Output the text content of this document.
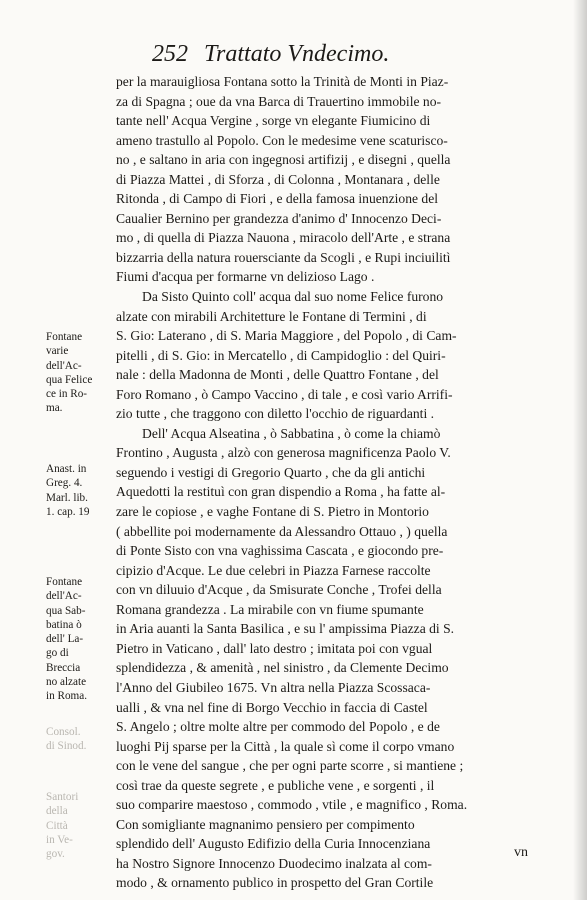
252 Trattato Vndecimo.
per la marauigliosa Fontana sotto la Trinità de Monti in Piaz-
za di Spagna ; oue da vna Barca di Trauertino immobile no-
tante nell' Acqua Vergine , sorge vn elegante Fiumicino di
ameno trastullo al Popolo. Con le medesime vene scaturisco-
no , e saltano in aria con ingegnosi artifizij , e disegni , quella
di Piazza Mattei , di Sforza , di Colonna , Montanara , delle
Ritonda , di Campo di Fiori , e della famosa inuenzione del
Caualier Bernino per grandezza d'animo d' Innocenzo Deci-
mo , di quella di Piazza Nauona , miracolo dell'Arte , e strana
bizzarria della natura rouersciante da Scogli , e Rupi inciuilitì
Fiumi d'acqua per formarne vn delizioso Lago .
Da Sisto Quinto coll' acqua dal suo nome Felice furono
alzate con mirabili Architetture le Fontane di Termini , di
S. Gio: Laterano , di S. Maria Maggiore , del Popolo , di Cam-
pitelli , di S. Gio: in Mercatello , di Campidoglio : del Quiri-
nale : della Madonna de Monti , delle Quattro Fontane , del
Foro Romano , ò Campo Vaccino , di tale , e così vario Arrifi-
zio tutte , che traggono con diletto l'occhio de riguardanti .
Dell' Acqua Alseatina , ò Sabbatina , ò come la chiamò
Frontino , Augusta , alzò con generosa magnificenza Paolo V.
seguendo i vestigi di Gregorio Quarto , che da gli antichi
Aquedotti la restituì con gran dispendio a Roma , ha fatte al-
zare le copiose , e vaghe Fontane di S. Pietro in Montorio
( abbellite poi modernamente da Alessandro Ottauo , ) quella
di Ponte Sisto con vna vaghissima Cascata , e giocondo pre-
cipizio d'Acque. Le due celebri in Piazza Farnese raccolte
con vn diluuio d'Acque , da Smisurate Conche , Trofei della
Romana grandezza . La mirabile con vn fiume spumante
in Aria auanti la Santa Basilica , e su l' ampissima Piazza di S.
Pietro in Vaticano , dall' lato destro ; imitata poi con vgual
splendidezza , & amenità , nel sinistro , da Clemente Decimo
l'Anno del Giubileo 1675. Vn altra nella Piazza Scossaca-
ualli , & vna nel fine di Borgo Vecchio in faccia di Castel
S. Angelo ; oltre molte altre per commodo del Popolo , e de
luoghi Pij sparse per la Città , la quale sì come il corpo vmano
con le vene del sangue , che per ogni parte scorre , si mantiene ;
così trae da queste segrete , e publiche vene , e sorgenti , il
suo comparire maestoso , commodo , vtile , e magnifico , Roma.
Con somigliante magnanimo pensiero per compimento
splendido dell' Augusto Edifizio della Curia Innocenziana
ha Nostro Signore Innocenzo Duodecimo inalzata al com-
modo , & ornamento publico in prospetto del Gran Cortile
Fontane
varie
dell'Ac-
qua Felice
ce in Ro-
ma.
Anast. in
Greg. 4.
Marl. lib.
1. cap. 19
Fontane
dell'Ac-
qua Sab-
batina ò
dell' La-
go di
Breccia
no alzate
in Roma.
Consol.
di Sinod.
Santori
della
Città
in Ve-
gov.	vn
